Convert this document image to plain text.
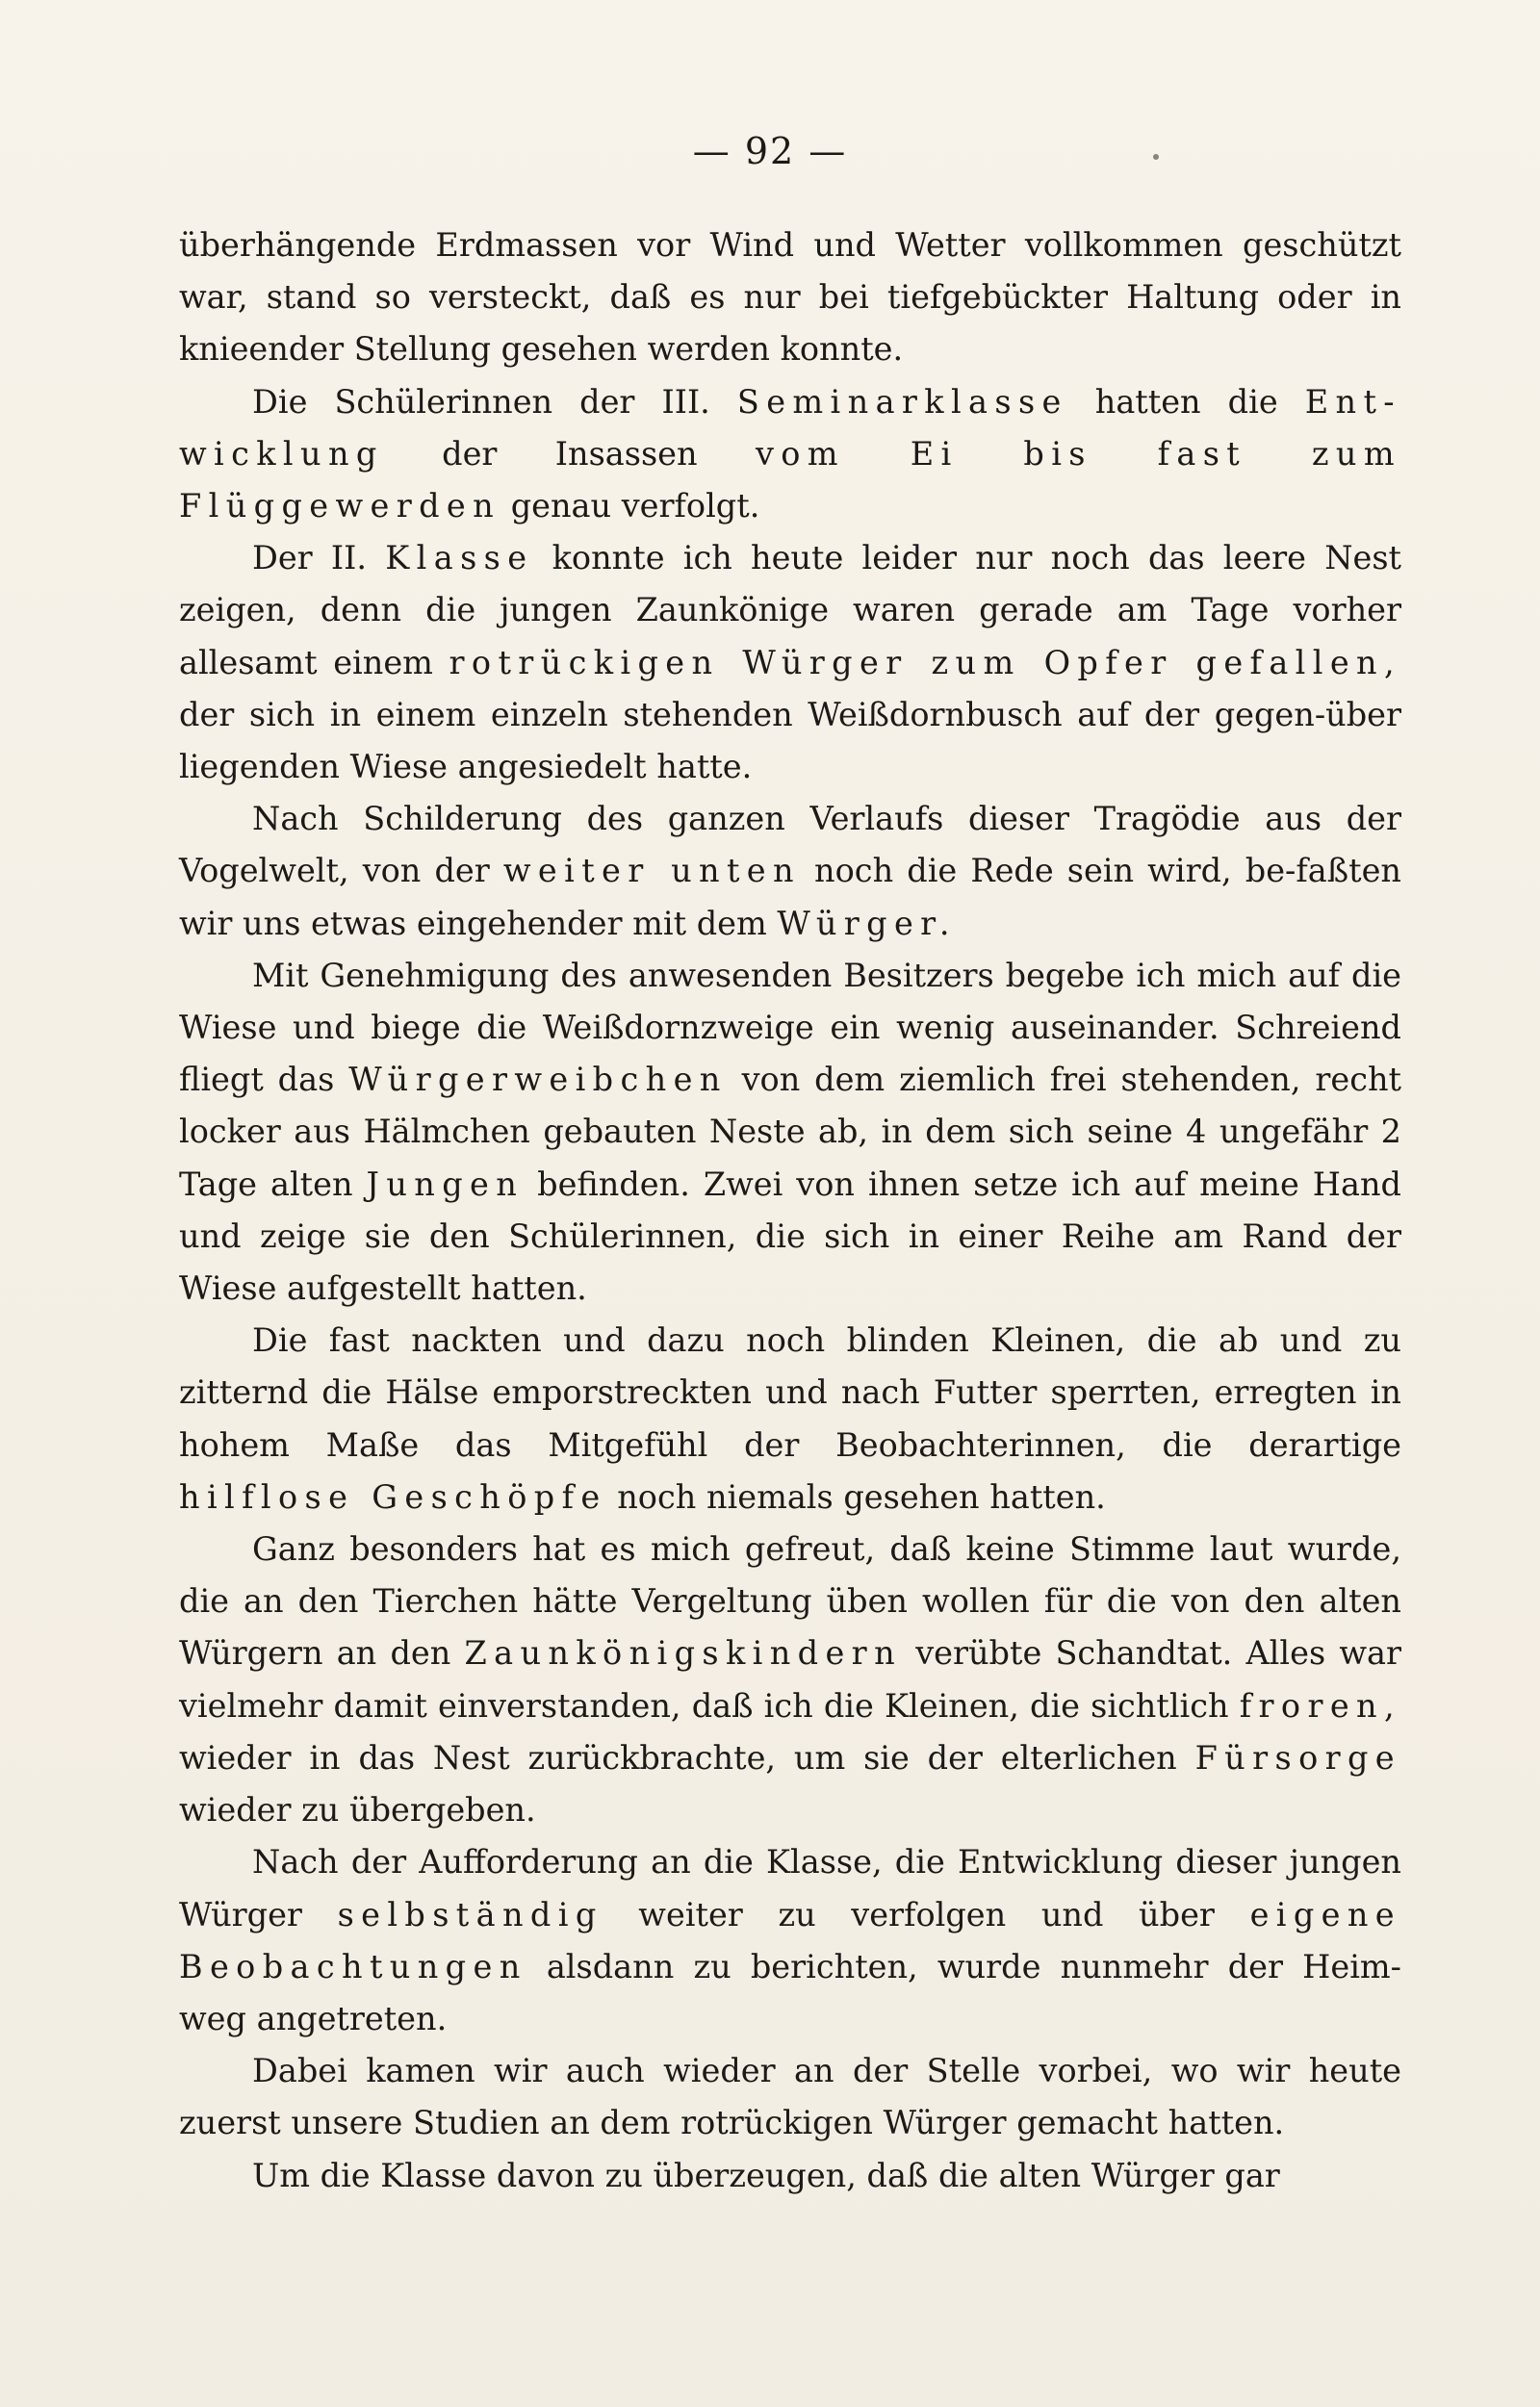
— 92 —

überhängende Erdmassen vor Wind und Wetter vollkommen geschützt war, stand so versteckt, daß es nur bei tiefgebückter Haltung oder in knieender Stellung gesehen werden konnte.

Die Schülerinnen der III. Seminarklasse hatten die Ent-wicklung der Insassen vom Ei bis fast zum Flüggewerden genau verfolgt.

Der II. Klasse konnte ich heute leider nur noch das leere Nest zeigen, denn die jungen Zaunkönige waren gerade am Tage vorher allesamt einem rotrückigen Würger zum Opfer gefallen, der sich in einem einzeln stehenden Weißdornbusch auf der gegen-über liegenden Wiese angesiedelt hatte.

Nach Schilderung des ganzen Verlaufs dieser Tragödie aus der Vogelwelt, von der weiter unten noch die Rede sein wird, be-faßten wir uns etwas eingehender mit dem Würger.

Mit Genehmigung des anwesenden Besitzers begebe ich mich auf die Wiese und biege die Weißdornzweige ein wenig auseinander. Schreiend fliegt das Würgerweibchen von dem ziemlich frei stehenden, recht locker aus Hälmchen gebauten Neste ab, in dem sich seine 4 ungefähr 2 Tage alten Jungen befinden. Zwei von ihnen setze ich auf meine Hand und zeige sie den Schülerinnen, die sich in einer Reihe am Rand der Wiese aufgestellt hatten.

Die fast nackten und dazu noch blinden Kleinen, die ab und zu zitternd die Hälse emporstreckten und nach Futter sperrten, erregten in hohem Maße das Mitgefühl der Beobachterinnen, die derartige hilflose Geschöpfe noch niemals gesehen hatten.

Ganz besonders hat es mich gefreut, daß keine Stimme laut wurde, die an den Tierchen hätte Vergeltung üben wollen für die von den alten Würgern an den Zaunkönigskindern verübte Schandtat. Alles war vielmehr damit einverstanden, daß ich die Kleinen, die sichtlich froren, wieder in das Nest zurückbrachte, um sie der elterlichen Fürsorge wieder zu übergeben.

Nach der Aufforderung an die Klasse, die Entwicklung dieser jungen Würger selbständig weiter zu verfolgen und über eigene Beobachtungen alsdann zu berichten, wurde nunmehr der Heim-weg angetreten.

Dabei kamen wir auch wieder an der Stelle vorbei, wo wir heute zuerst unsere Studien an dem rotrückigen Würger gemacht hatten.

Um die Klasse davon zu überzeugen, daß die alten Würger gar
